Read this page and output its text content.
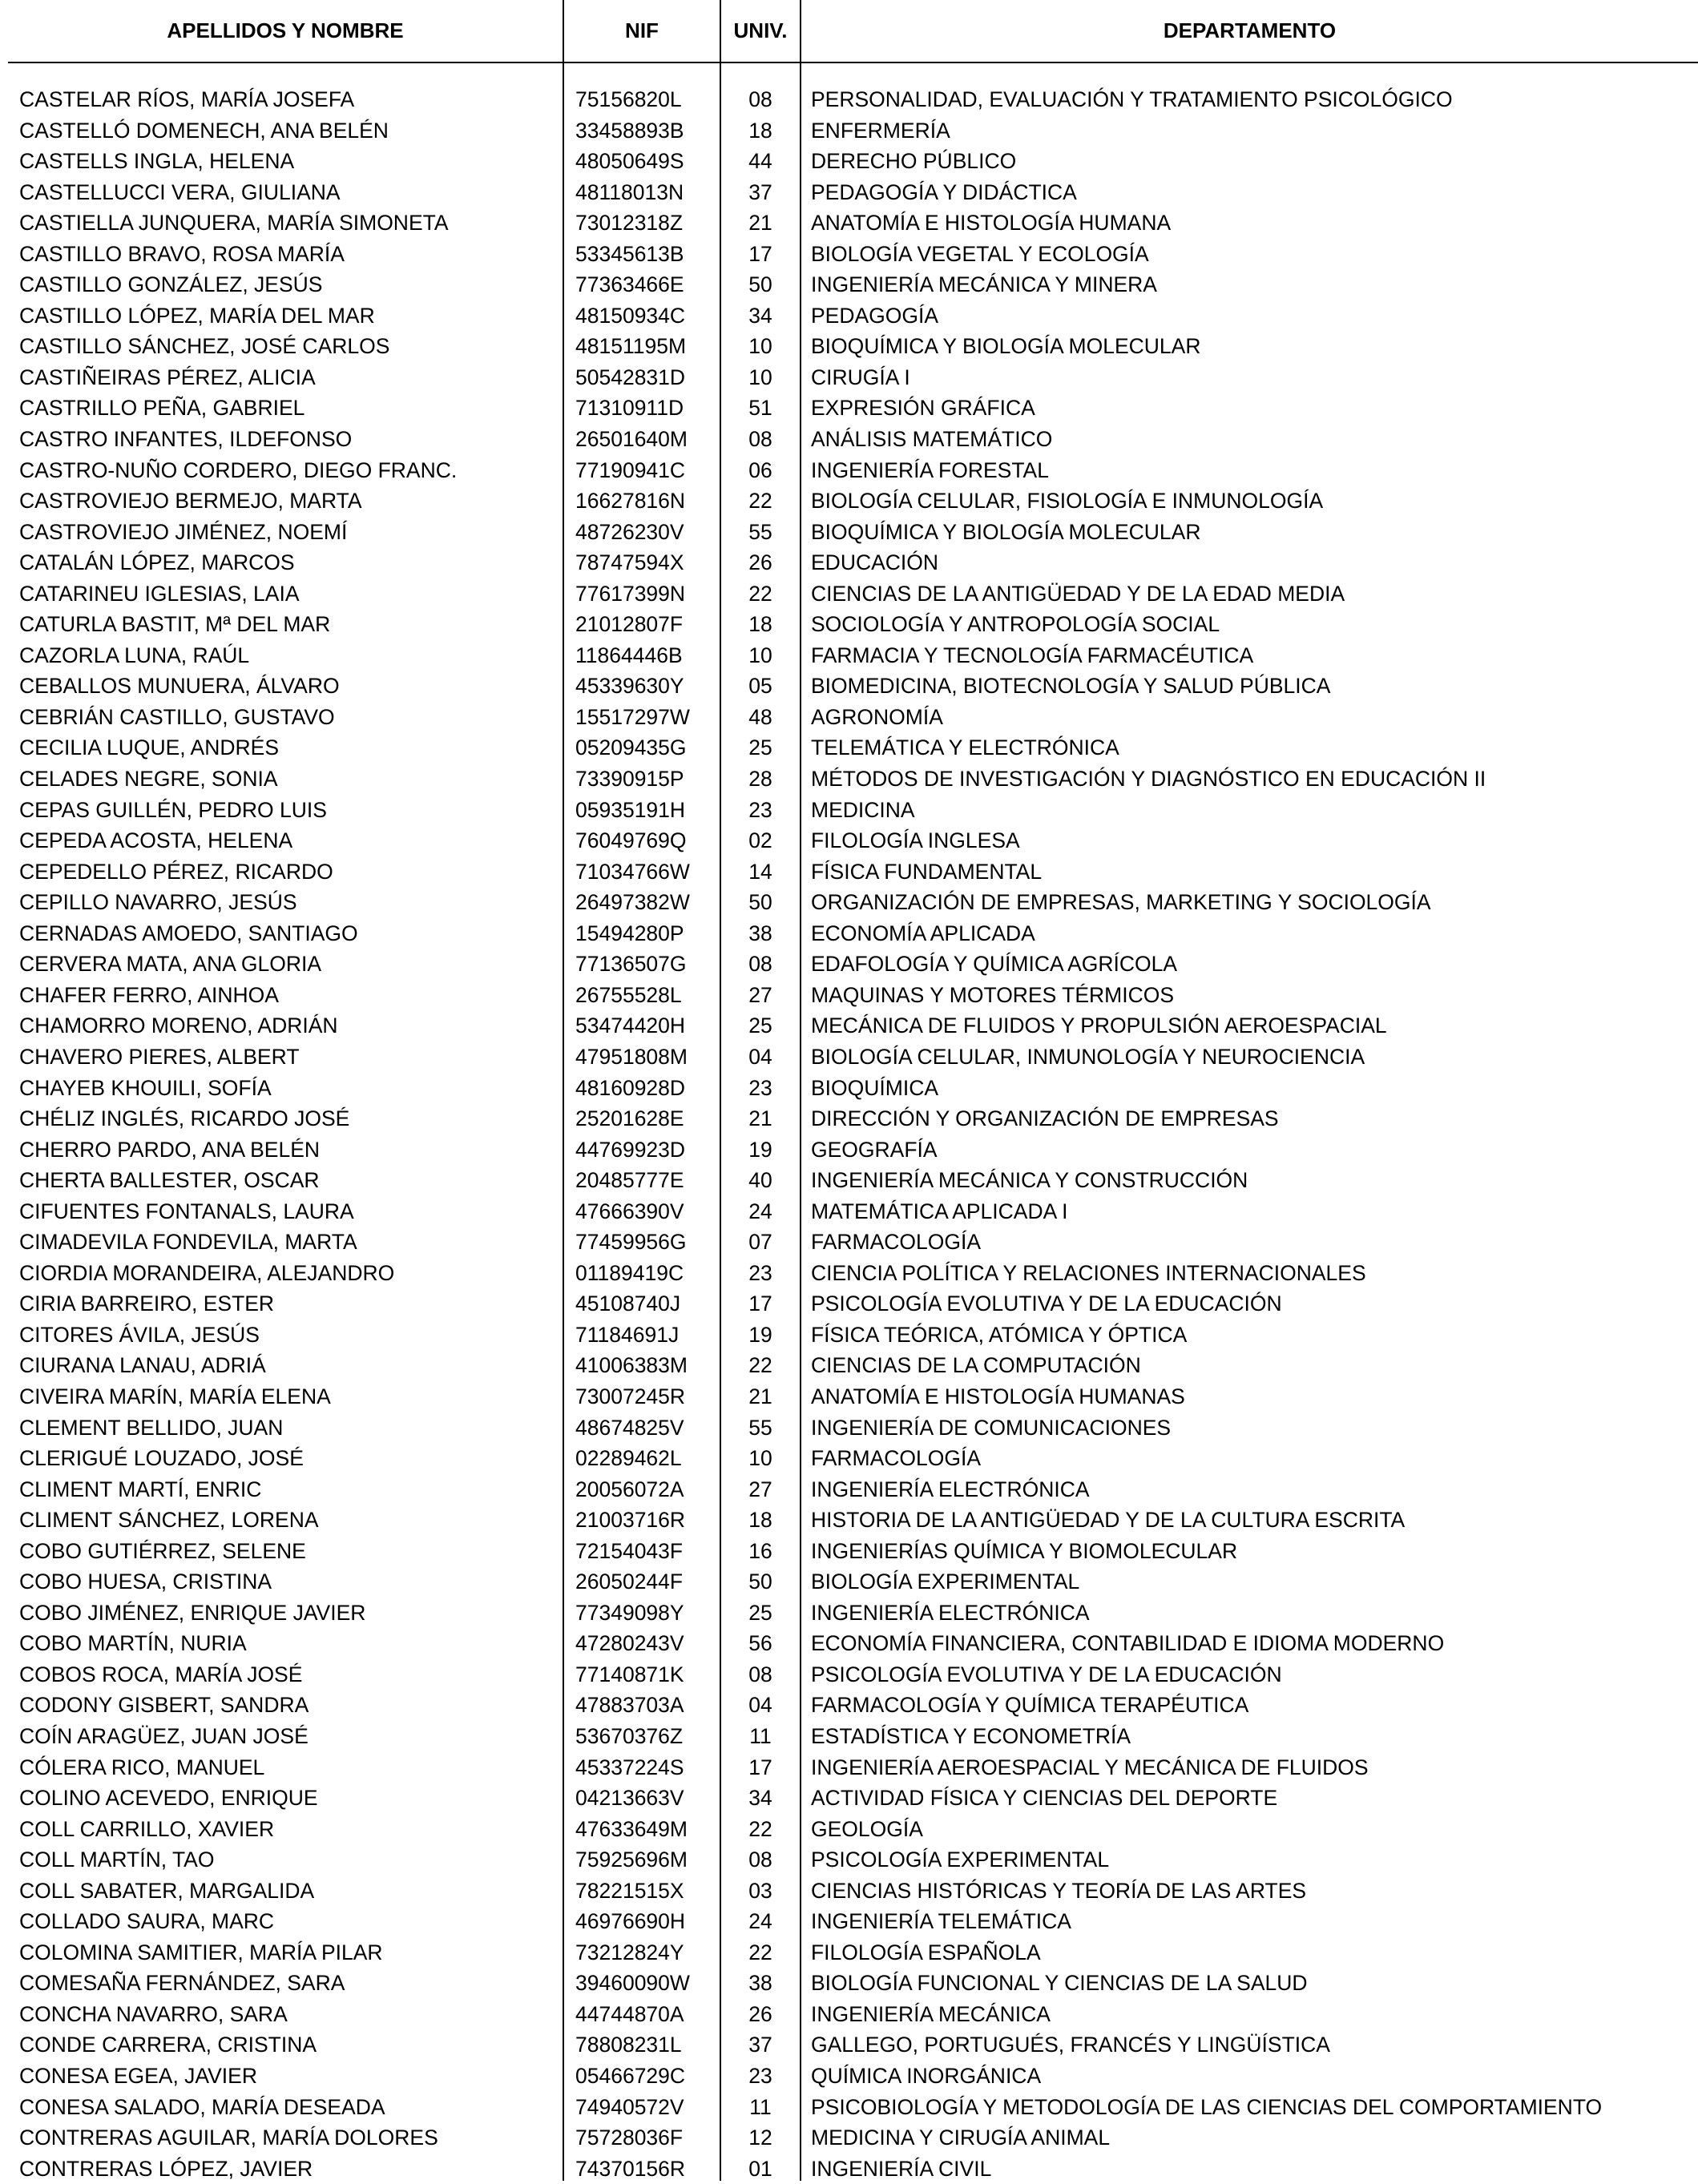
APELLIDOS Y NOMBRE	NIF	UNIV.	DEPARTAMENTO
CASTELAR RÍOS, MARÍA JOSEFA	75156820L	08	PERSONALIDAD, EVALUACIÓN Y TRATAMIENTO PSICOLÓGICO
CASTELLÓ DOMENECH, ANA BELÉN	33458893B	18	ENFERMERÍA
CASTELLS INGLA, HELENA	48050649S	44	DERECHO PÚBLICO
CASTELLUCCI VERA, GIULIANA	48118013N	37	PEDAGOGÍA Y DIDÁCTICA
CASTIELLA JUNQUERA, MARÍA SIMONETA	73012318Z	21	ANATOMÍA E HISTOLOGÍA HUMANA
CASTILLO BRAVO, ROSA MARÍA	53345613B	17	BIOLOGÍA VEGETAL Y ECOLOGÍA
CASTILLO GONZÁLEZ, JESÚS	77363466E	50	INGENIERÍA MECÁNICA Y MINERA
CASTILLO LÓPEZ, MARÍA DEL MAR	48150934C	34	PEDAGOGÍA
CASTILLO SÁNCHEZ, JOSÉ CARLOS	48151195M	10	BIOQUÍMICA Y BIOLOGÍA MOLECULAR
CASTIÑEIRAS PÉREZ, ALICIA	50542831D	10	CIRUGÍA I
CASTRILLO PEÑA, GABRIEL	71310911D	51	EXPRESIÓN GRÁFICA
CASTRO INFANTES, ILDEFONSO	26501640M	08	ANÁLISIS MATEMÁTICO
CASTRO-NUÑO CORDERO, DIEGO FRANC.	77190941C	06	INGENIERÍA FORESTAL
CASTROVIEJO BERMEJO, MARTA	16627816N	22	BIOLOGÍA CELULAR, FISIOLOGÍA E INMUNOLOGÍA
CASTROVIEJO JIMÉNEZ, NOEMÍ	48726230V	55	BIOQUÍMICA Y BIOLOGÍA MOLECULAR
CATALÁN LÓPEZ, MARCOS	78747594X	26	EDUCACIÓN
CATARINEU IGLESIAS, LAIA	77617399N	22	CIENCIAS DE LA ANTIGÜEDAD Y DE LA EDAD MEDIA
CATURLA BASTIT, Mª DEL MAR	21012807F	18	SOCIOLOGÍA Y ANTROPOLOGÍA SOCIAL
CAZORLA LUNA, RAÚL	11864446B	10	FARMACIA Y TECNOLOGÍA FARMACÉUTICA
CEBALLOS MUNUERA, ÁLVARO	45339630Y	05	BIOMEDICINA, BIOTECNOLOGÍA Y SALUD PÚBLICA
CEBRIÁN CASTILLO, GUSTAVO	15517297W	48	AGRONOMÍA
CECILIA LUQUE, ANDRÉS	05209435G	25	TELEMÁTICA Y ELECTRÓNICA
CELADES NEGRE, SONIA	73390915P	28	MÉTODOS DE INVESTIGACIÓN Y DIAGNÓSTICO EN EDUCACIÓN II
CEPAS GUILLÉN, PEDRO LUIS	05935191H	23	MEDICINA
CEPEDA ACOSTA, HELENA	76049769Q	02	FILOLOGÍA INGLESA
CEPEDELLO PÉREZ, RICARDO	71034766W	14	FÍSICA FUNDAMENTAL
CEPILLO NAVARRO, JESÚS	26497382W	50	ORGANIZACIÓN DE EMPRESAS, MARKETING Y SOCIOLOGÍA
CERNADAS AMOEDO, SANTIAGO	15494280P	38	ECONOMÍA APLICADA
CERVERA MATA, ANA GLORIA	77136507G	08	EDAFOLOGÍA Y QUÍMICA AGRÍCOLA
CHAFER FERRO, AINHOA	26755528L	27	MAQUINAS Y MOTORES TÉRMICOS
CHAMORRO MORENO, ADRIÁN	53474420H	25	MECÁNICA DE FLUIDOS Y PROPULSIÓN AEROESPACIAL
CHAVERO PIERES, ALBERT	47951808M	04	BIOLOGÍA CELULAR, INMUNOLOGÍA Y NEUROCIENCIA
CHAYEB KHOUILI, SOFÍA	48160928D	23	BIOQUÍMICA
CHÉLIZ INGLÉS, RICARDO JOSÉ	25201628E	21	DIRECCIÓN Y ORGANIZACIÓN DE EMPRESAS
CHERRO PARDO, ANA BELÉN	44769923D	19	GEOGRAFÍA
CHERTA BALLESTER, OSCAR	20485777E	40	INGENIERÍA MECÁNICA Y CONSTRUCCIÓN
CIFUENTES FONTANALS, LAURA	47666390V	24	MATEMÁTICA APLICADA I
CIMADEVILA FONDEVILA, MARTA	77459956G	07	FARMACOLOGÍA
CIORDIA MORANDEIRA, ALEJANDRO	01189419C	23	CIENCIA POLÍTICA Y RELACIONES INTERNACIONALES
CIRIA BARREIRO, ESTER	45108740J	17	PSICOLOGÍA EVOLUTIVA Y DE LA EDUCACIÓN
CITORES ÁVILA, JESÚS	71184691J	19	FÍSICA TEÓRICA, ATÓMICA Y ÓPTICA
CIURANA LANAU, ADRIÁ	41006383M	22	CIENCIAS DE LA COMPUTACIÓN
CIVEIRA MARÍN, MARÍA ELENA	73007245R	21	ANATOMÍA E HISTOLOGÍA HUMANAS
CLEMENT BELLIDO, JUAN	48674825V	55	INGENIERÍA DE COMUNICACIONES
CLERIGUÉ LOUZADO, JOSÉ	02289462L	10	FARMACOLOGÍA
CLIMENT MARTÍ, ENRIC	20056072A	27	INGENIERÍA ELECTRÓNICA
CLIMENT SÁNCHEZ, LORENA	21003716R	18	HISTORIA DE LA ANTIGÜEDAD Y DE LA CULTURA ESCRITA
COBO GUTIÉRREZ, SELENE	72154043F	16	INGENIERÍAS QUÍMICA Y BIOMOLECULAR
COBO HUESA, CRISTINA	26050244F	50	BIOLOGÍA EXPERIMENTAL
COBO JIMÉNEZ, ENRIQUE JAVIER	77349098Y	25	INGENIERÍA ELECTRÓNICA
COBO MARTÍN, NURIA	47280243V	56	ECONOMÍA FINANCIERA, CONTABILIDAD E IDIOMA MODERNO
COBOS ROCA, MARÍA JOSÉ	77140871K	08	PSICOLOGÍA EVOLUTIVA Y DE LA EDUCACIÓN
CODONY GISBERT, SANDRA	47883703A	04	FARMACOLOGÍA Y QUÍMICA TERAPÉUTICA
COÍN ARAGÜEZ, JUAN JOSÉ	53670376Z	11	ESTADÍSTICA Y ECONOMETRÍA
CÓLERA RICO, MANUEL	45337224S	17	INGENIERÍA AEROESPACIAL Y MECÁNICA DE FLUIDOS
COLINO ACEVEDO, ENRIQUE	04213663V	34	ACTIVIDAD FÍSICA Y CIENCIAS DEL DEPORTE
COLL CARRILLO, XAVIER	47633649M	22	GEOLOGÍA
COLL MARTÍN, TAO	75925696M	08	PSICOLOGÍA EXPERIMENTAL
COLL SABATER, MARGALIDA	78221515X	03	CIENCIAS HISTÓRICAS Y TEORÍA DE LAS ARTES
COLLADO SAURA, MARC	46976690H	24	INGENIERÍA TELEMÁTICA
COLOMINA SAMITIER, MARÍA PILAR	73212824Y	22	FILOLOGÍA ESPAÑOLA
COMESAÑA FERNÁNDEZ, SARA	39460090W	38	BIOLOGÍA FUNCIONAL Y CIENCIAS DE LA SALUD
CONCHA NAVARRO, SARA	44744870A	26	INGENIERÍA MECÁNICA
CONDE CARRERA, CRISTINA	78808231L	37	GALLEGO, PORTUGUÉS, FRANCÉS Y LINGÜÍSTICA
CONESA EGEA, JAVIER	05466729C	23	QUÍMICA INORGÁNICA
CONESA SALADO, MARÍA DESEADA	74940572V	11	PSICOBIOLOGÍA Y METODOLOGÍA DE LAS CIENCIAS DEL COMPORTAMIENTO
CONTRERAS AGUILAR, MARÍA DOLORES	75728036F	12	MEDICINA Y CIRUGÍA ANIMAL
CONTRERAS LÓPEZ, JAVIER	74370156R	01	INGENIERÍA CIVIL
